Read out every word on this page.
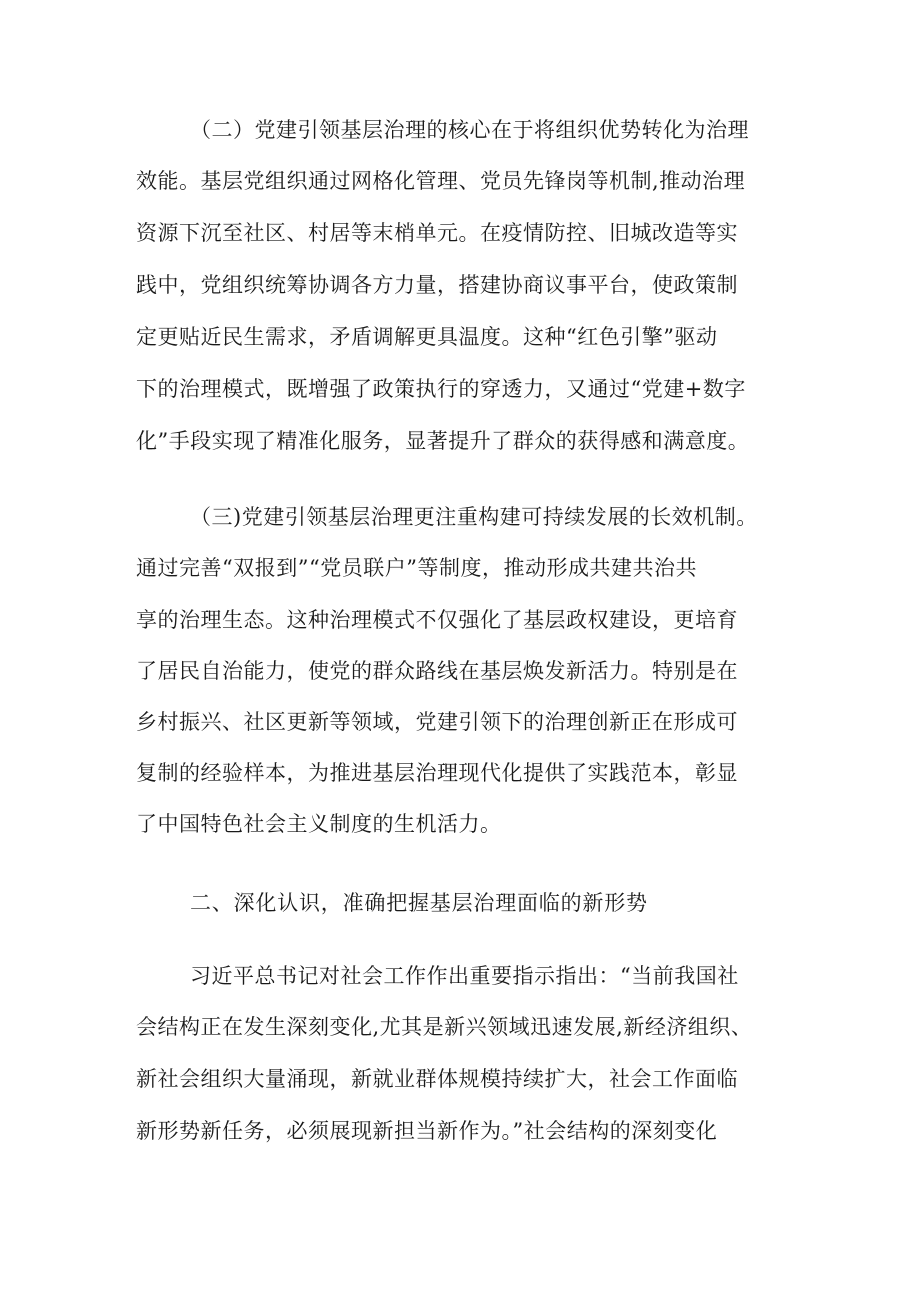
（二）党建引领基层治理的核心在于将组织优势转化为治理

效能。基层党组织通过网格化管理、党员先锋岗等机制,推动治理

资源下沉至社区、村居等末梢单元。在疫情防控、旧城改造等实

践中，党组织统筹协调各方力量，搭建协商议事平台，使政策制

定更贴近民生需求，矛盾调解更具温度。这种“红色引擎”驱动

下的治理模式，既增强了政策执行的穿透力，又通过“党建+数字

化”手段实现了精准化服务，显著提升了群众的获得感和满意度。

（三)党建引领基层治理更注重构建可持续发展的长效机制。

通过完善“双报到”“党员联户”等制度，推动形成共建共治共

享的治理生态。这种治理模式不仅强化了基层政权建设，更培育

了居民自治能力，使党的群众路线在基层焕发新活力。特别是在

乡村振兴、社区更新等领域，党建引领下的治理创新正在形成可

复制的经验样本，为推进基层治理现代化提供了实践范本，彰显

了中国特色社会主义制度的生机活力。

二、深化认识，准确把握基层治理面临的新形势

习近平总书记对社会工作作出重要指示指出：“当前我国社

会结构正在发生深刻变化,尤其是新兴领域迅速发展,新经济组织、

新社会组织大量涌现，新就业群体规模持续扩大，社会工作面临

新形势新任务，必须展现新担当新作为。”社会结构的深刻变化
